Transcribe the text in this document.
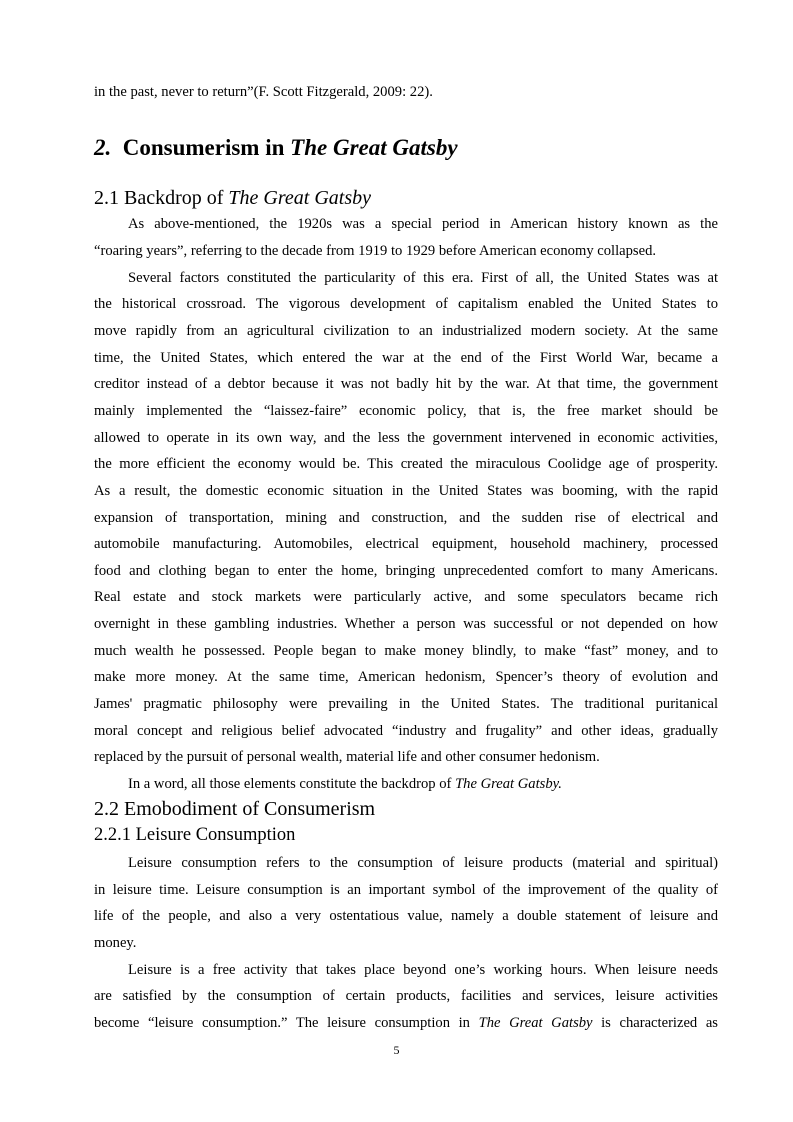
in the past, never to return”(F. Scott Fitzgerald, 2009: 22).
2. Consumerism in The Great Gatsby
2.1 Backdrop of The Great Gatsby
As above-mentioned, the 1920s was a special period in American history known as the
“roaring years”, referring to the decade from 1919 to 1929 before American economy collapsed.
Several factors constituted the particularity of this era. First of all, the United States was at
the historical crossroad. The vigorous development of capitalism enabled the United States to
move rapidly from an agricultural civilization to an industrialized modern society. At the same
time, the United States, which entered the war at the end of the First World War, became a
creditor instead of a debtor because it was not badly hit by the war. At that time, the government
mainly implemented the “laissez-faire” economic policy, that is, the free market should be
allowed to operate in its own way, and the less the government intervened in economic activities,
the more efficient the economy would be. This created the miraculous Coolidge age of prosperity.
As a result, the domestic economic situation in the United States was booming, with the rapid
expansion of transportation, mining and construction, and the sudden rise of electrical and
automobile manufacturing. Automobiles, electrical equipment, household machinery, processed
food and clothing began to enter the home, bringing unprecedented comfort to many Americans.
Real estate and stock markets were particularly active, and some speculators became rich
overnight in these gambling industries. Whether a person was successful or not depended on how
much wealth he possessed. People began to make money blindly, to make “fast” money, and to
make more money. At the same time, American hedonism, Spencer’s theory of evolution and
James' pragmatic philosophy were prevailing in the United States. The traditional puritanical
moral concept and religious belief advocated “industry and frugality” and other ideas, gradually
replaced by the pursuit of personal wealth, material life and other consumer hedonism.
In a word, all those elements constitute the backdrop of The Great Gatsby.
2.2 Emobodiment of Consumerism
2.2.1 Leisure Consumption
Leisure consumption refers to the consumption of leisure products (material and spiritual)
in leisure time. Leisure consumption is an important symbol of the improvement of the quality of
life of the people, and also a very ostentatious value, namely a double statement of leisure and
money.
Leisure is a free activity that takes place beyond one’s working hours. When leisure needs
are satisfied by the consumption of certain products, facilities and services, leisure activities
become “leisure consumption.” The leisure consumption in The Great Gatsby is characterized as
5
